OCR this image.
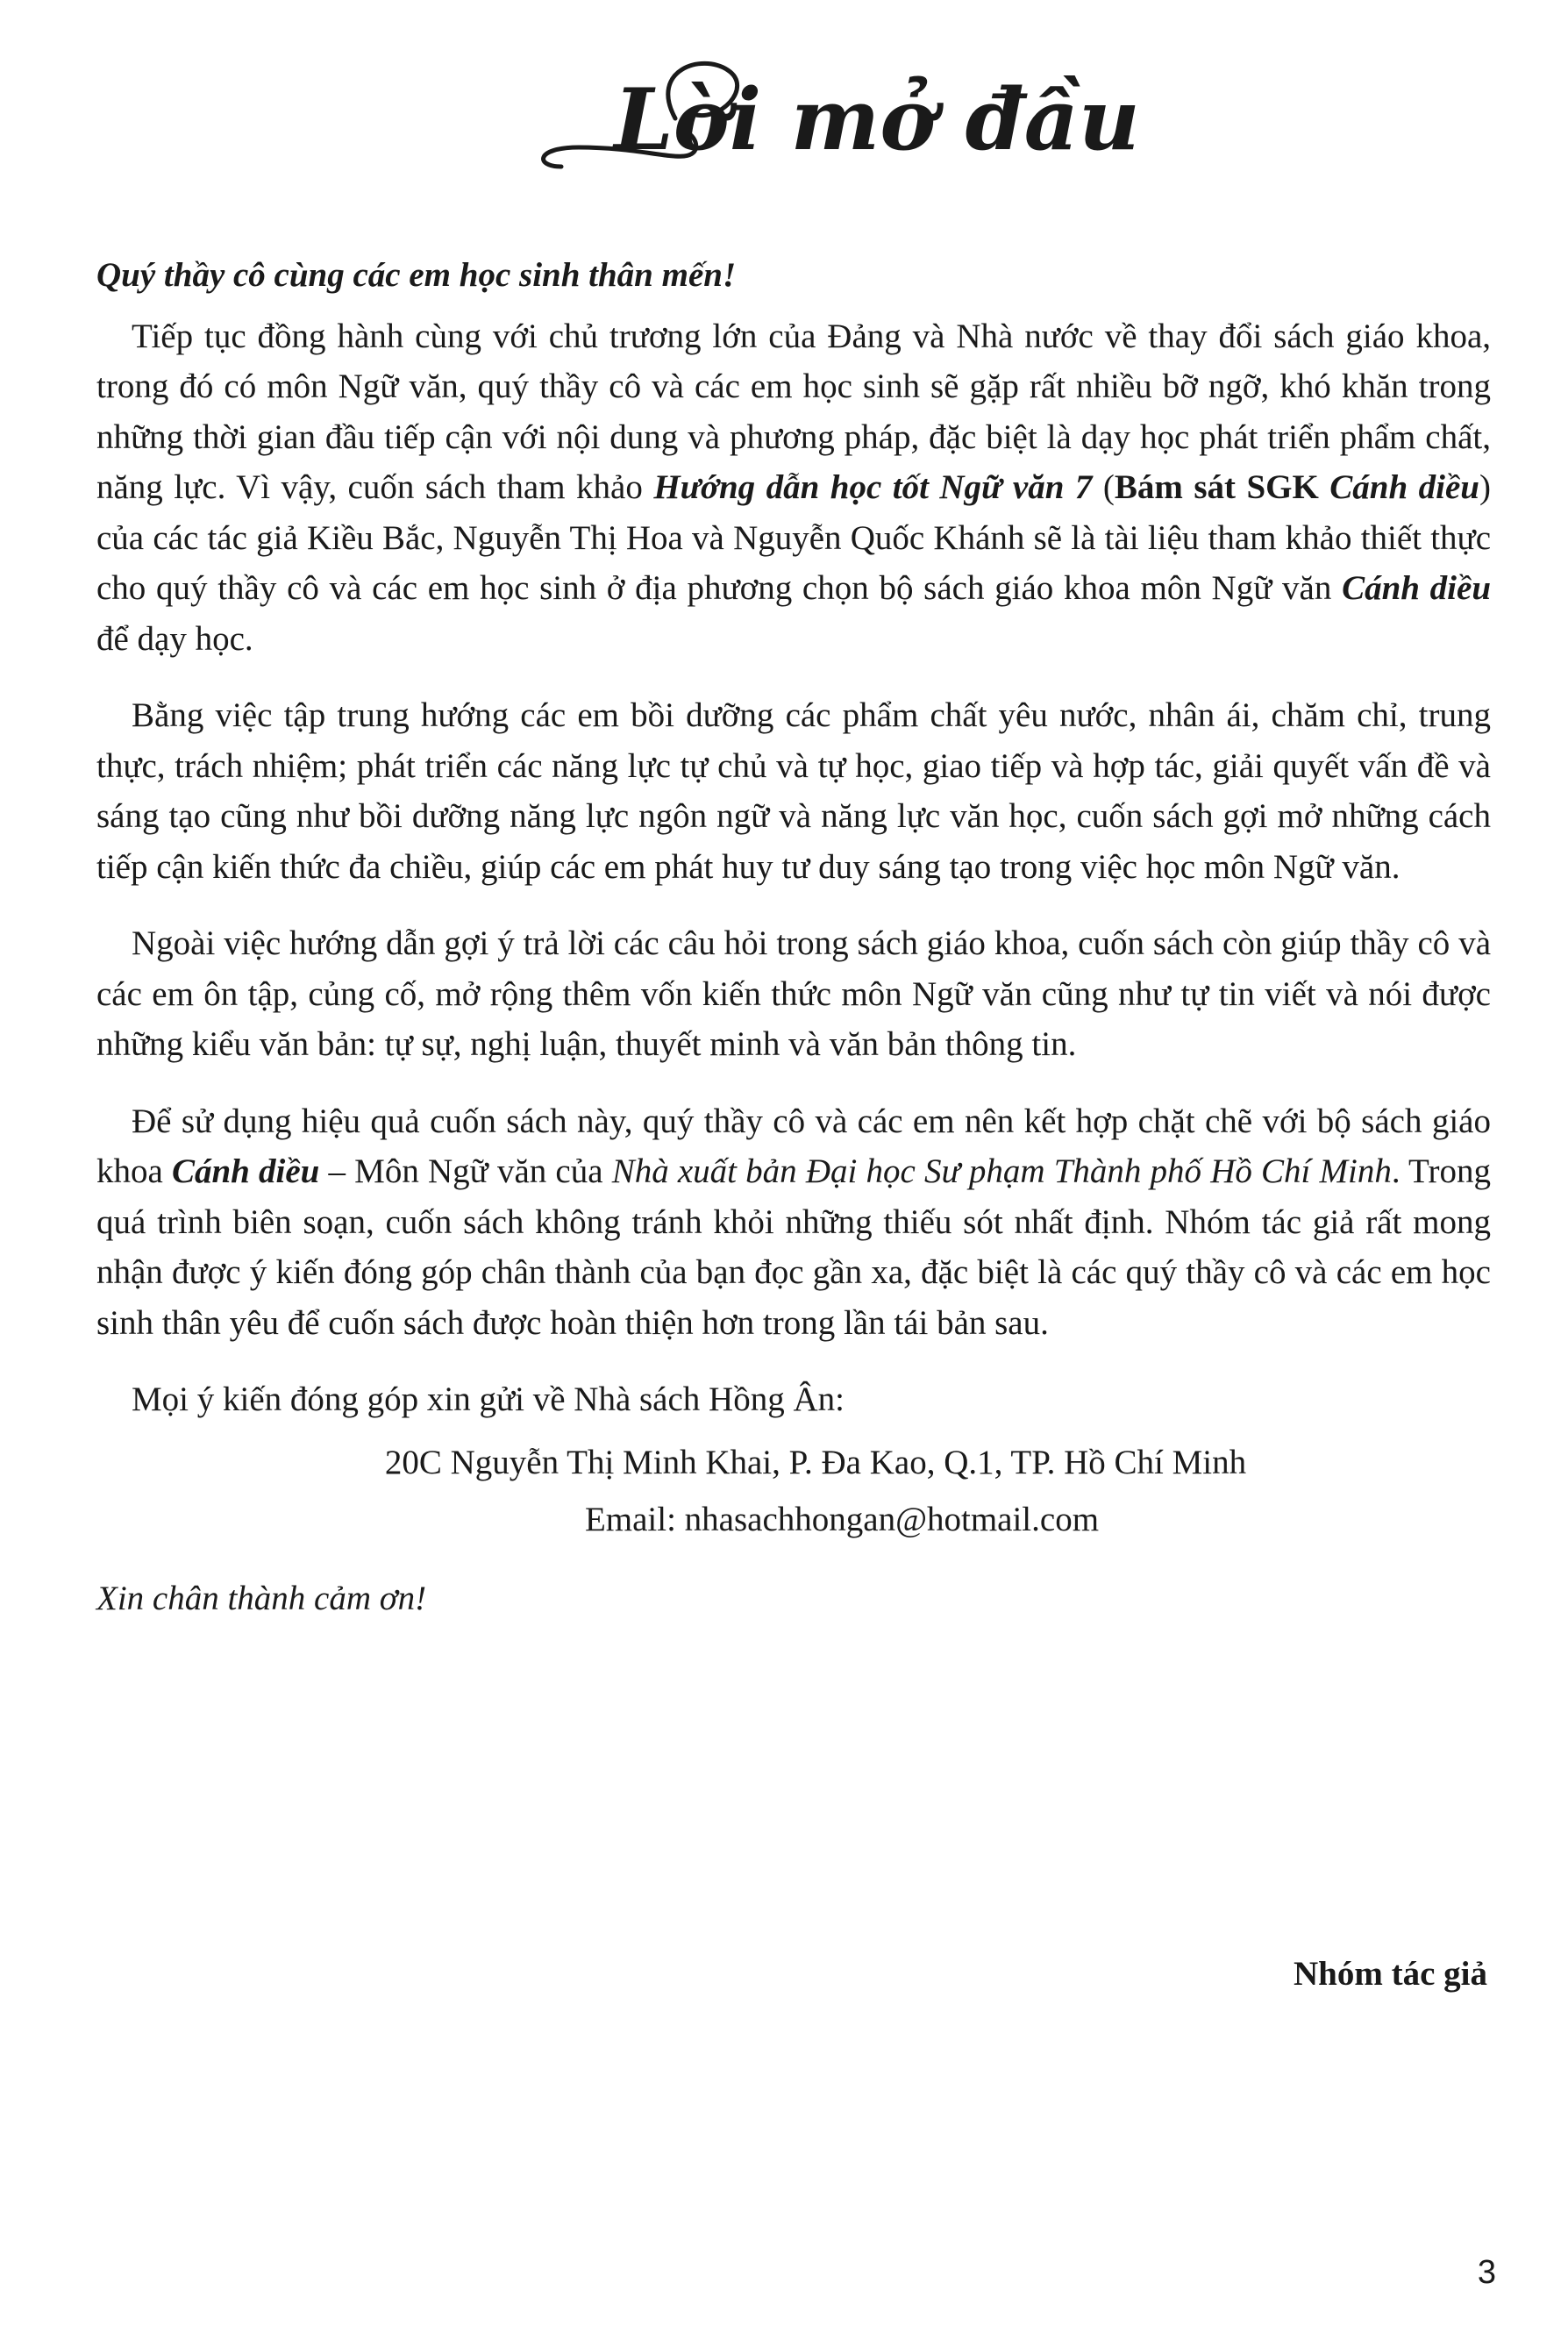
Lời mở đầu

Quý thầy cô cùng các em học sinh thân mến!

Tiếp tục đồng hành cùng với chủ trương lớn của Đảng và Nhà nước về thay đổi sách giáo khoa, trong đó có môn Ngữ văn, quý thầy cô và các em học sinh sẽ gặp rất nhiều bỡ ngỡ, khó khăn trong những thời gian đầu tiếp cận với nội dung và phương pháp, đặc biệt là dạy học phát triển phẩm chất, năng lực. Vì vậy, cuốn sách tham khảo Hướng dẫn học tốt Ngữ văn 7 (Bám sát SGK Cánh diều) của các tác giả Kiều Bắc, Nguyễn Thị Hoa và Nguyễn Quốc Khánh sẽ là tài liệu tham khảo thiết thực cho quý thầy cô và các em học sinh ở địa phương chọn bộ sách giáo khoa môn Ngữ văn Cánh diều để dạy học.

Bằng việc tập trung hướng các em bồi dưỡng các phẩm chất yêu nước, nhân ái, chăm chỉ, trung thực, trách nhiệm; phát triển các năng lực tự chủ và tự học, giao tiếp và hợp tác, giải quyết vấn đề và sáng tạo cũng như bồi dưỡng năng lực ngôn ngữ và năng lực văn học, cuốn sách gợi mở những cách tiếp cận kiến thức đa chiều, giúp các em phát huy tư duy sáng tạo trong việc học môn Ngữ văn.

Ngoài việc hướng dẫn gợi ý trả lời các câu hỏi trong sách giáo khoa, cuốn sách còn giúp thầy cô và các em ôn tập, củng cố, mở rộng thêm vốn kiến thức môn Ngữ văn cũng như tự tin viết và nói được những kiểu văn bản: tự sự, nghị luận, thuyết minh và văn bản thông tin.

Để sử dụng hiệu quả cuốn sách này, quý thầy cô và các em nên kết hợp chặt chẽ với bộ sách giáo khoa Cánh diều – Môn Ngữ văn của Nhà xuất bản Đại học Sư phạm Thành phố Hồ Chí Minh. Trong quá trình biên soạn, cuốn sách không tránh khỏi những thiếu sót nhất định. Nhóm tác giả rất mong nhận được ý kiến đóng góp chân thành của bạn đọc gần xa, đặc biệt là các quý thầy cô và các em học sinh thân yêu để cuốn sách được hoàn thiện hơn trong lần tái bản sau.

Mọi ý kiến đóng góp xin gửi về Nhà sách Hồng Ân:

20C Nguyễn Thị Minh Khai, P. Đa Kao, Q.1, TP. Hồ Chí Minh

Email: nhasachhongan@hotmail.com

Xin chân thành cảm ơn!

Nhóm tác giả
3
